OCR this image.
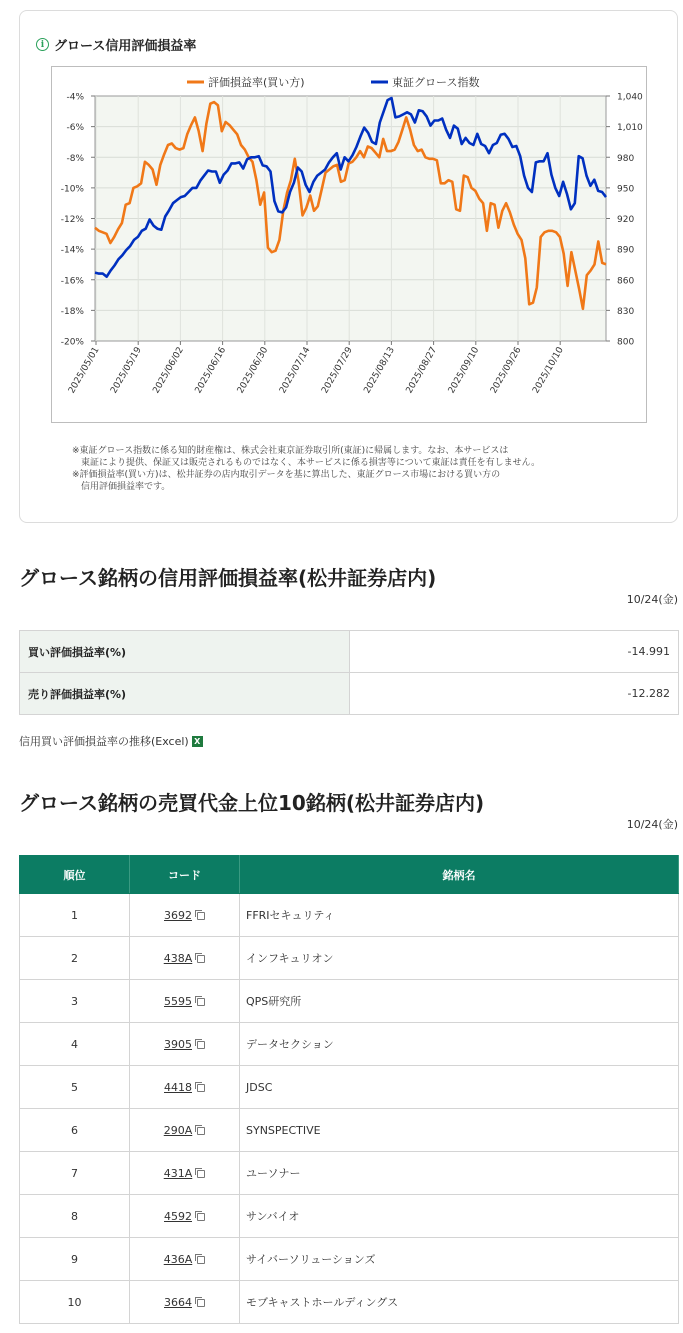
i グロース信用評価損益率
-4%	1,040
-6%	1,010
-8%	980
-10%	950
-12%	920
-14%	890
-16%	860
-18%	830
-20%	800
2025/05/01 2025/05/19 2025/06/02 2025/06/16 2025/06/30 2025/07/14 2025/07/29 2025/08/13 2025/08/27 2025/09/10 2025/09/26 2025/10/10
評価損益率(買い方)	東証グロース指数
※東証グロース指数に係る知的財産権は、株式会社東京証券取引所(東証)に帰属します。なお、本サービスは
　東証により提供、保証又は販売されるものではなく、本サービスに係る損害等について東証は責任を有しません。
※評価損益率(買い方)は、松井証券の店内取引データを基に算出した、東証グロース市場における買い方の
　信用評価損益率です。
グロース銘柄の信用評価損益率(松井証券店内)
10/24(金)
買い評価損益率(%)	-14.991
売り評価損益率(%)	-12.282
信用買い評価損益率の推移(Excel) X
グロース銘柄の売買代金上位10銘柄(松井証券店内)
10/24(金)
順位	コード	銘柄名
1	3692	FFRIセキュリティ
2	438A	インフキュリオン
3	5595	QPS研究所
4	3905	データセクション
5	4418	JDSC
6	290A	SYNSPECTIVE
7	431A	ユーソナー
8	4592	サンバイオ
9	436A	サイバーソリューションズ
10	3664	モブキャストホールディングス
